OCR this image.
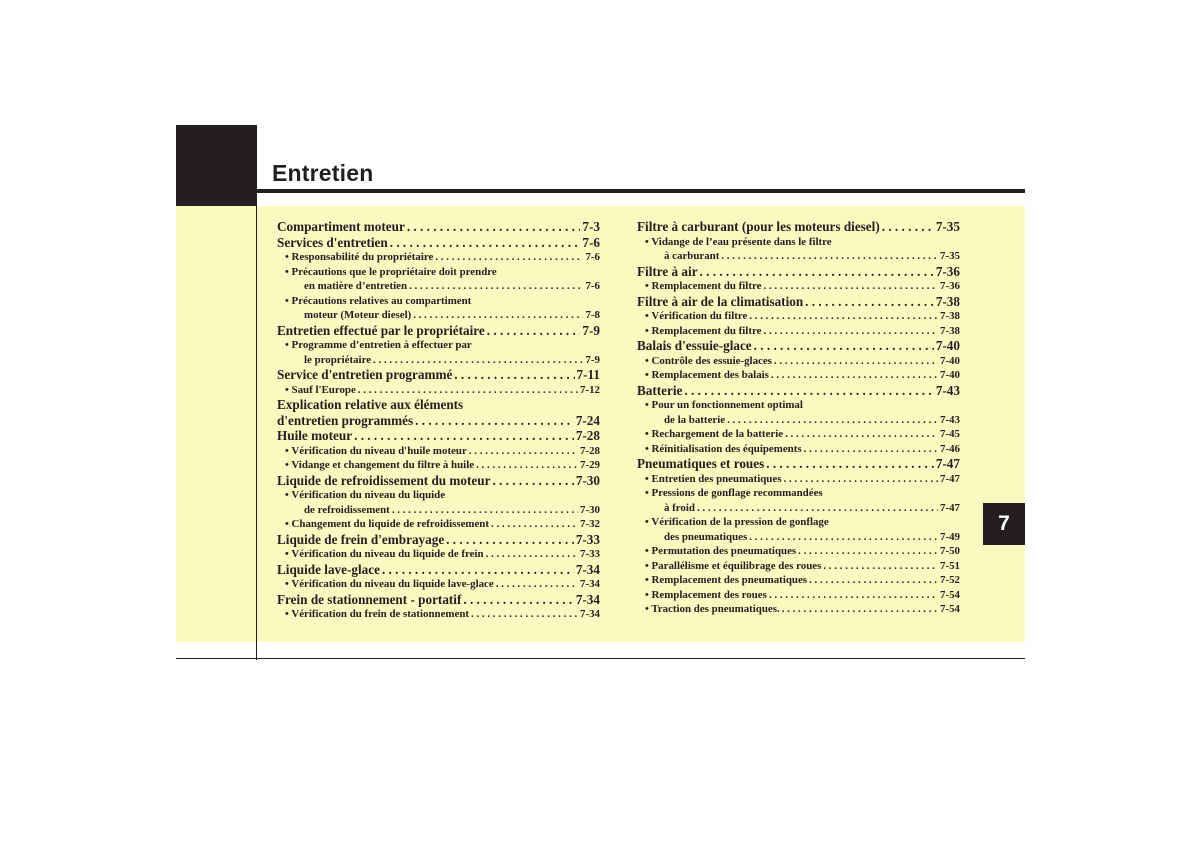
Entretien
7
Compartiment moteur . . .	7-3
Services d'entretien . . .	7-6
• Responsabilité du propriétaire . . .	7-6
• Précautions que le propriétaire doit prendre
en matière d’entretien . . .	7-6
• Précautions relatives au compartiment
moteur (Moteur diesel) . . .	7-8
Entretien effectué par le propriétaire . . .	7-9
• Programme d’entretien à effectuer par
le propriétaire . . .	7-9
Service d'entretien programmé . . .	7-11
• Sauf l'Europe . . .	7-12
Explication relative aux éléments
d'entretien programmés . . .	7-24
Huile moteur . . .	7-28
• Vérification du niveau d'huile moteur . . .	7-28
• Vidange et changement du filtre à huile . . .	7-29
Liquide de refroidissement du moteur . . .	7-30
• Vérification du niveau du liquide
de refroidissement . . .	7-30
• Changement du liquide de refroidissement . . .	7-32
Liquide de frein d'embrayage . . .	7-33
• Vérification du niveau du liquide de frein . . .	7-33
Liquide lave-glace . . .	7-34
• Vérification du niveau du liquide lave-glace . . .	7-34
Frein de stationnement - portatif . . .	7-34
• Vérification du frein de stationnement . . .	7-34
Filtre à carburant (pour les moteurs diesel) . . .	7-35
• Vidange de l’eau présente dans le filtre
à carburant . . .	7-35
Filtre à air . . .	7-36
• Remplacement du filtre . . .	7-36
Filtre à air de la climatisation . . .	7-38
• Vérification du filtre . . .	7-38
• Remplacement du filtre . . .	7-38
Balais d'essuie-glace . . .	7-40
• Contrôle des essuie-glaces . . .	7-40
• Remplacement des balais . . .	7-40
Batterie . . .	7-43
• Pour un fonctionnement optimal
de la batterie . . .	7-43
• Rechargement de la batterie . . .	7-45
• Réinitialisation des équipements . . .	7-46
Pneumatiques et roues . . .	7-47
• Entretien des pneumatiques . . .	7-47
• Pressions de gonflage recommandées
à froid . . .	7-47
• Vérification de la pression de gonflage
des pneumatiques . . .	7-49
• Permutation des pneumatiques . . .	7-50
• Parallélisme et équilibrage des roues . . .	7-51
• Remplacement des pneumatiques . . .	7-52
• Remplacement des roues . . .	7-54
• Traction des pneumatiques. . . .	7-54
